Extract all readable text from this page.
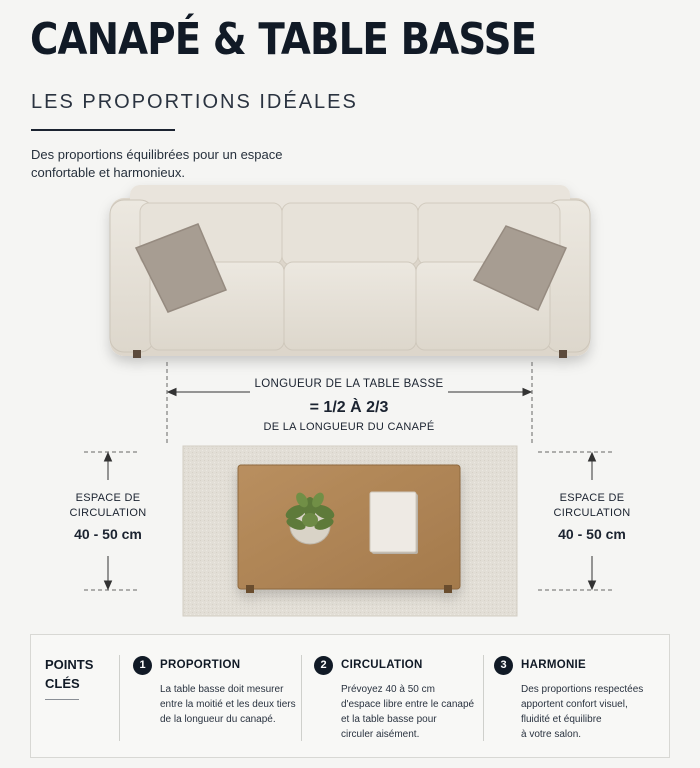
CANAPÉ & TABLE BASSE
LES PROPORTIONS IDÉALES
Des proportions équilibrées pour un espace
confortable et harmonieux.
LONGUEUR DE LA TABLE BASSE
= 1/2 À 2/3
DE LA LONGUEUR DU CANAPÉ
ESPACE DE
CIRCULATION
40 - 50 cm
ESPACE DE
CIRCULATION
40 - 50 cm
POINTS
CLÉS
1	PROPORTION
La table basse doit mesurer
entre la moitié et les deux tiers
de la longueur du canapé.
2	CIRCULATION
Prévoyez 40 à 50 cm
d'espace libre entre le canapé
et la table basse pour
circuler aisément.
3	HARMONIE
Des proportions respectées
apportent confort visuel,
fluidité et équilibre
à votre salon.
